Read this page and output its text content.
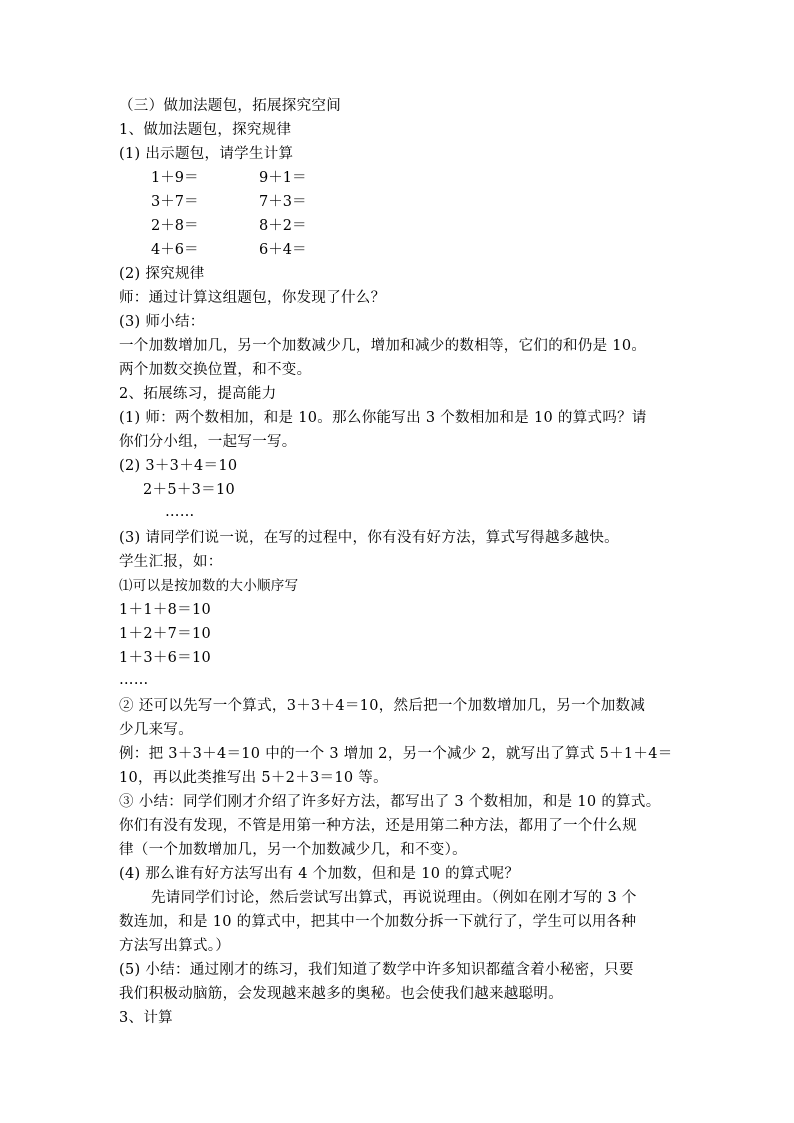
（三）做加法题包，拓展探究空间
1、做加法题包，探究规律
(1) 出示题包，请学生计算
1＋9＝	9＋1＝
3＋7＝	7＋3＝
2＋8＝	8＋2＝
4＋6＝	6＋4＝
(2) 探究规律
师：通过计算这组题包，你发现了什么？
(3) 师小结：
一个加数增加几，另一个加数减少几，增加和减少的数相等，它们的和仍是 10。
两个加数交换位置，和不变。
2、拓展练习，提高能力
(1) 师：两个数相加，和是 10。那么你能写出 3 个数相加和是 10 的算式吗？请
你们分小组，一起写一写。
(2) 3＋3＋4＝10
2＋5＋3＝10
……
(3) 请同学们说一说，在写的过程中，你有没有好方法，算式写得越多越快。
学生汇报，如：
⑴可以是按加数的大小顺序写
1＋1＋8＝10
1＋2＋7＝10
1＋3＋6＝10
……
② 还可以先写一个算式，3＋3＋4＝10，然后把一个加数增加几，另一个加数减
少几来写。
例：把 3＋3＋4＝10 中的一个 3 增加 2，另一个减少 2，就写出了算式 5＋1＋4＝
10，再以此类推写出 5＋2＋3＝10 等。
③ 小结：同学们刚才介绍了许多好方法，都写出了 3 个数相加，和是 10 的算式。
你们有没有发现，不管是用第一种方法，还是用第二种方法，都用了一个什么规
律（一个加数增加几，另一个加数减少几，和不变）。
(4) 那么谁有好方法写出有 4 个加数，但和是 10 的算式呢？
先请同学们讨论，然后尝试写出算式，再说说理由。（例如在刚才写的 3 个
数连加，和是 10 的算式中，把其中一个加数分拆一下就行了，学生可以用各种
方法写出算式。）
(5) 小结：通过刚才的练习，我们知道了数学中许多知识都蕴含着小秘密，只要
我们积极动脑筋，会发现越来越多的奥秘。也会使我们越来越聪明。
3、计算
